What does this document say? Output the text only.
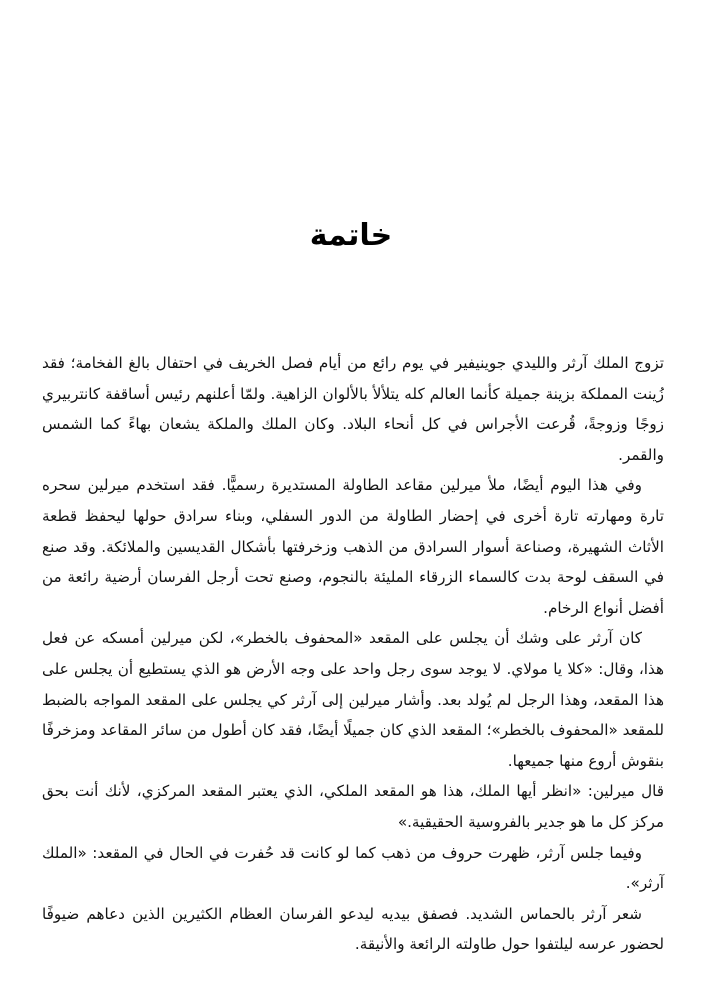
خاتمة

تزوج الملك آرثر والليدي جوينيفير في يوم رائع من أيام فصل الخريف في احتفال بالغ الفخامة؛ فقد زُينت المملكة بزينة جميلة كأنما العالم كله يتلألأ بالألوان الزاهية. ولمّا أعلنهم رئيس أساقفة كانتربيري زوجًا وزوجةً، قُرعت الأجراس في كل أنحاء البلاد. وكان الملك والملكة يشعان بهاءً كما الشمس والقمر.

وفي هذا اليوم أيضًا، ملأ ميرلين مقاعد الطاولة المستديرة رسميًّا. فقد استخدم ميرلين سحره تارة ومهارته تارة أخرى في إحضار الطاولة من الدور السفلي، وبناء سرادق حولها ليحفظ قطعة الأثاث الشهيرة، وصناعة أسوار السرادق من الذهب وزخرفتها بأشكال القديسين والملائكة. وقد صنع في السقف لوحة بدت كالسماء الزرقاء المليئة بالنجوم، وصنع تحت أرجل الفرسان أرضية رائعة من أفضل أنواع الرخام.

كان آرثر على وشك أن يجلس على المقعد «المحفوف بالخطر»، لكن ميرلين أمسكه عن فعل هذا، وقال: «كلا يا مولاي. لا يوجد سوى رجل واحد على وجه الأرض هو الذي يستطيع أن يجلس على هذا المقعد، وهذا الرجل لم يُولد بعد. وأشار ميرلين إلى آرثر كي يجلس على المقعد المواجه بالضبط للمقعد «المحفوف بالخطر»؛ المقعد الذي كان جميلًا أيضًا، فقد كان أطول من سائر المقاعد ومزخرفًا بنقوش أروع منها جميعها.

قال ميرلين: «انظر أيها الملك، هذا هو المقعد الملكي، الذي يعتبر المقعد المركزي، لأنك أنت بحق مركز كل ما هو جدير بالفروسية الحقيقية.»

وفيما جلس آرثر، ظهرت حروف من ذهب كما لو كانت قد حُفرت في الحال في المقعد: «الملك آرثر».

شعر آرثر بالحماس الشديد. فصفق بيديه ليدعو الفرسان العظام الكثيرين الذين دعاهم ضيوفًا لحضور عرسه ليلتفوا حول طاولته الرائعة والأنيقة.
